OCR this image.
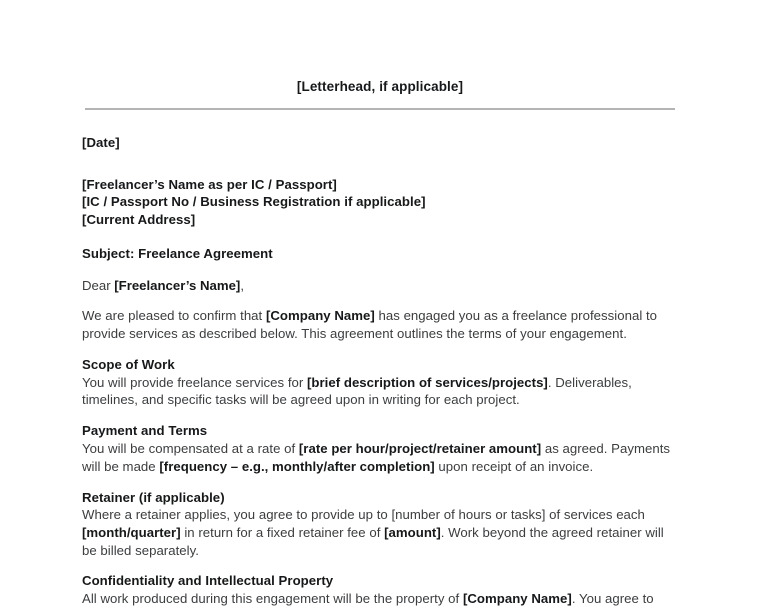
[Letterhead, if applicable]
[Date]
[Freelancer’s Name as per IC / Passport]
[IC / Passport No / Business Registration if applicable]
[Current Address]
Subject: Freelance Agreement
Dear [Freelancer’s Name],

We are pleased to confirm that [Company Name] has engaged you as a freelance professional to provide services as described below. This agreement outlines the terms of your engagement.

Scope of Work

You will provide freelance services for [brief description of services/projects]. Deliverables, timelines, and specific tasks will be agreed upon in writing for each project.

Payment and Terms

You will be compensated at a rate of [rate per hour/project/retainer amount] as agreed. Payments will be made [frequency – e.g., monthly/after completion] upon receipt of an invoice.

Retainer (if applicable)

Where a retainer applies, you agree to provide up to [number of hours or tasks] of services each [month/quarter] in return for a fixed retainer fee of [amount]. Work beyond the agreed retainer will be billed separately.

Confidentiality and Intellectual Property

All work produced during this engagement will be the property of [Company Name]. You agree to
